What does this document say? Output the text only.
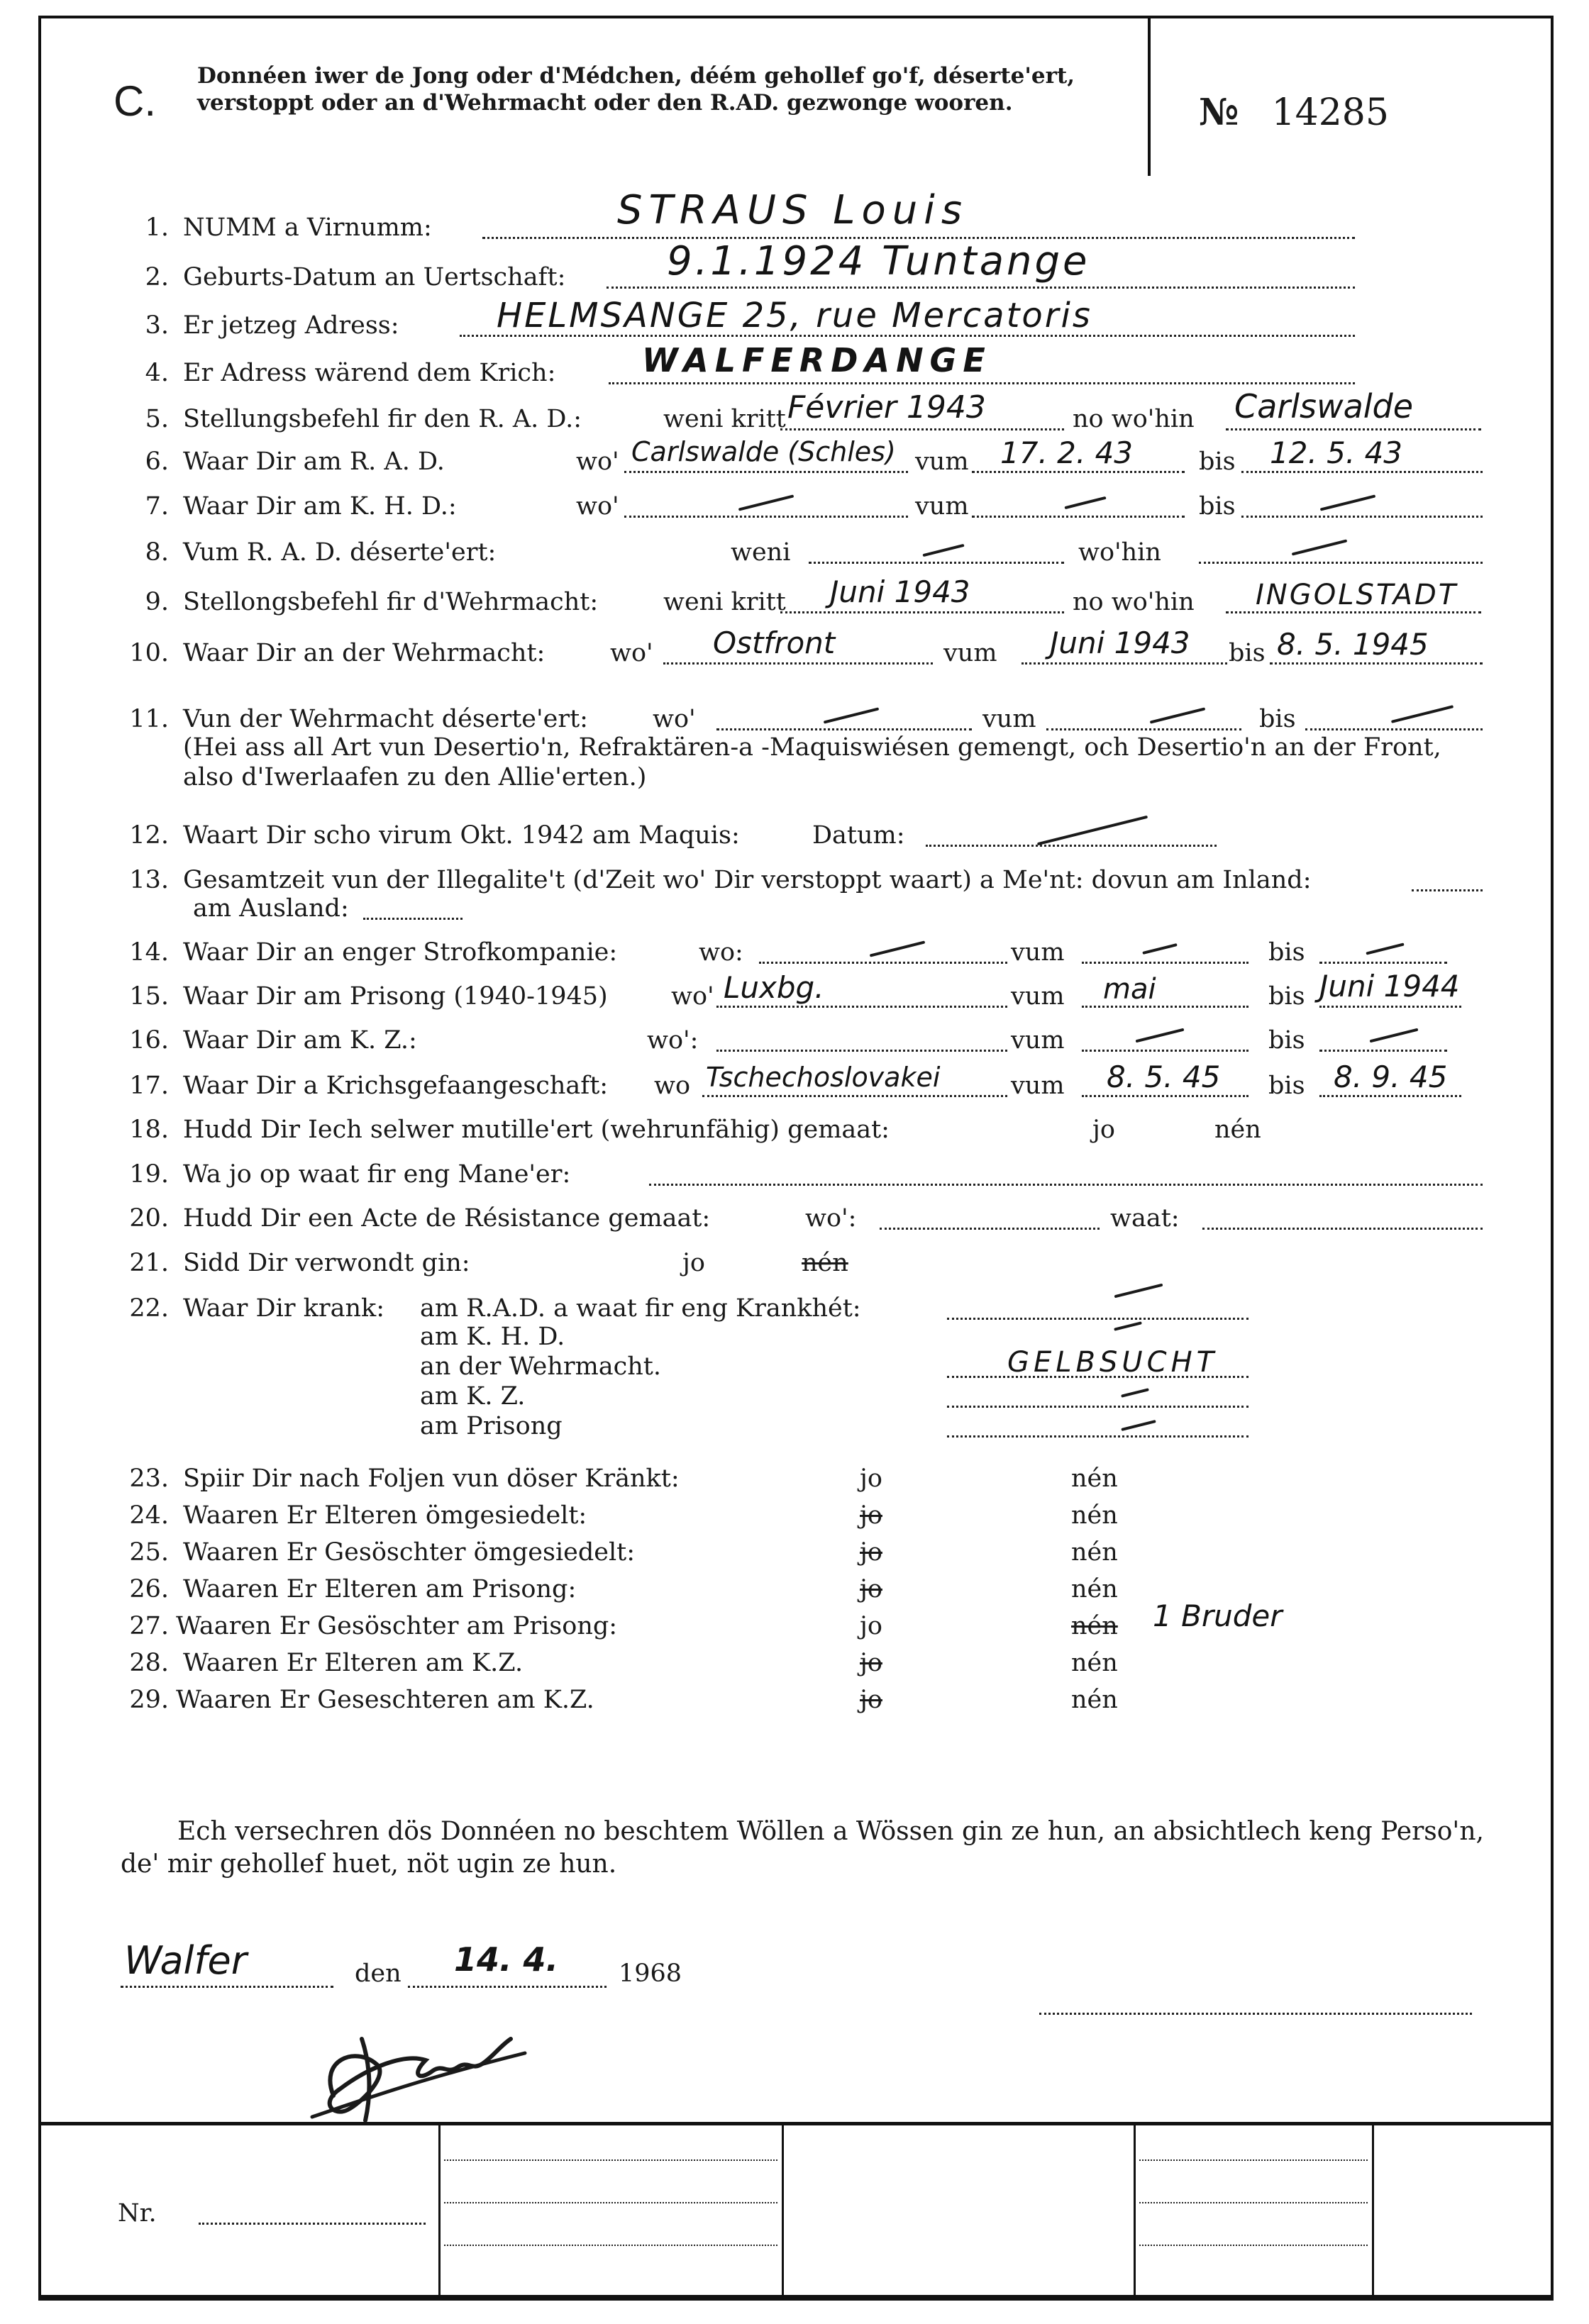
C.
Donnéen iwer de Jong oder d'Médchen, déém gehollef go'f, déserte'ert, verstoppt oder an d'Wehrmacht oder den R.AD. gezwonge wooren.	№ 14285
1. NUMM a Virnumm:	STRAUS Louis
2. Geburts-Datum an Uertschaft:	9.1.1924 Tuntange
3. Er jetzeg Adress:	HELMSANGE 25, rue Mercatoris
4. Er Adress wärend dem Krich:	WALFERDANGE
5. Stellungsbefehl fir den R. A. D.:	weni kritt Février 1943	no wo'hin Carlswalde
6. Waar Dir am R. A. D.	wo' Carlswalde (Schles) vum 17. 2. 43	bis 12. 5. 43
7. Waar Dir am K. H. D.:	wo'	vum	bis
8. Vum R. A. D. déserte'ert:	weni	wo'hin
9. Stellongsbefehl fir d'Wehrmacht:	weni kritt Juni 1943	no wo'hin INGOLSTADT
10. Waar Dir an der Wehrmacht:	wo' Ostfront	vum Juni 1943 bis 8. 5. 1945
11. Vun der Wehrmacht déserte'ert:	wo'	vum	bis
(Hei ass all Art vun Desertio'n, Refraktären-a -Maquiswiésen gemengt, och Desertio'n an der Front, also d'Iwerlaafen zu den Allie'erten.)
12. Waart Dir scho virum Okt. 1942 am Maquis:	Datum:
13. Gesamtzeit vun der Illegalite't (d'Zeit wo' Dir verstoppt waart) a Me'nt: dovun am Inland:
am Ausland:
14. Waar Dir an enger Strofkompanie:	wo:	vum	bis
15. Waar Dir am Prisong (1940-1945)	wo' Luxbg.	vum mai	bis Juni 1944
16. Waar Dir am K. Z.:	wo':	vum	bis
17. Waar Dir a Krichsgefaangeschaft: wo Tschechoslovakei	vum 8. 5. 45 bis 8. 9. 45
18. Hudd Dir Iech selwer mutille'ert (wehrunfähig) gemaat:	jo	nén
19. Wa jo op waat fir eng Mane'er:
20. Hudd Dir een Acte de Résistance gemaat:	wo':	waat:
21. Sidd Dir verwondt gin:	jo	nén
22. Waar Dir krank: am R.A.D. a waat fir eng Krankhét:
am K. H. D.
an der Wehrmacht.	GELBSUCHT
am K. Z.
am Prisong
23. Spiir Dir nach Foljen vun döser Kränkt:	jo	nén
24. Waaren Er Elteren ömgesiedelt:	jo	nén
25. Waaren Er Gesöschter ömgesiedelt:	jo	nén
26. Waaren Er Elteren am Prisong:	jo	nén
27. Waaren Er Gesöschter am Prisong:	jo	nén 1 Bruder
28. Waaren Er Elteren am K.Z.	jo	nén
29. Waaren Er Geseschteren am K.Z.	jo	nén
Ech versechren dös Donnéen no beschtem Wöllen a Wössen gin ze hun, an absichtlech keng Perso'n, de' mir gehollef huet, nöt ugin ze hun.
Walfer	den 14. 4. 1968
Nr.
